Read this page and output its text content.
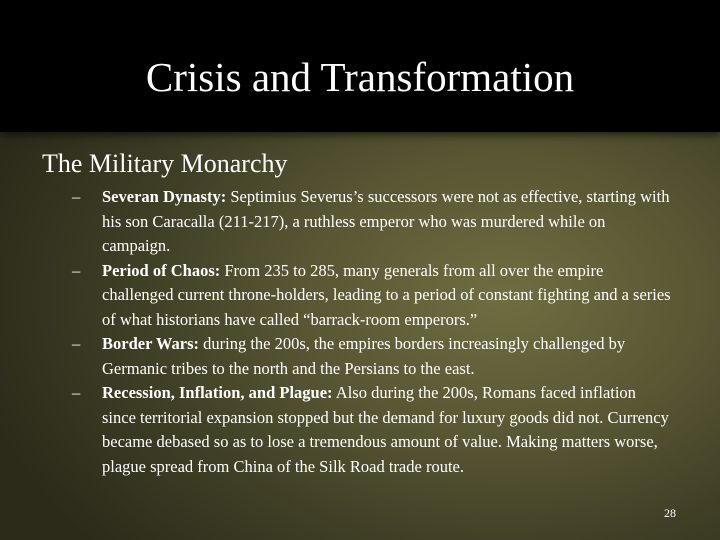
Crisis and Transformation
The Military Monarchy
– Severan Dynasty: Septimius Severus’s successors were not as effective, starting with his son Caracalla (211-217), a ruthless emperor who was murdered while on campaign.
– Period of Chaos: From 235 to 285, many generals from all over the empire challenged current throne-holders, leading to a period of constant fighting and a series of what historians have called “barrack-room emperors.”
– Border Wars: during the 200s, the empires borders increasingly challenged by Germanic tribes to the north and the Persians to the east.
– Recession, Inflation, and Plague: Also during the 200s, Romans faced inflation since territorial expansion stopped but the demand for luxury goods did not. Currency became debased so as to lose a tremendous amount of value. Making matters worse, plague spread from China of the Silk Road trade route.
28
